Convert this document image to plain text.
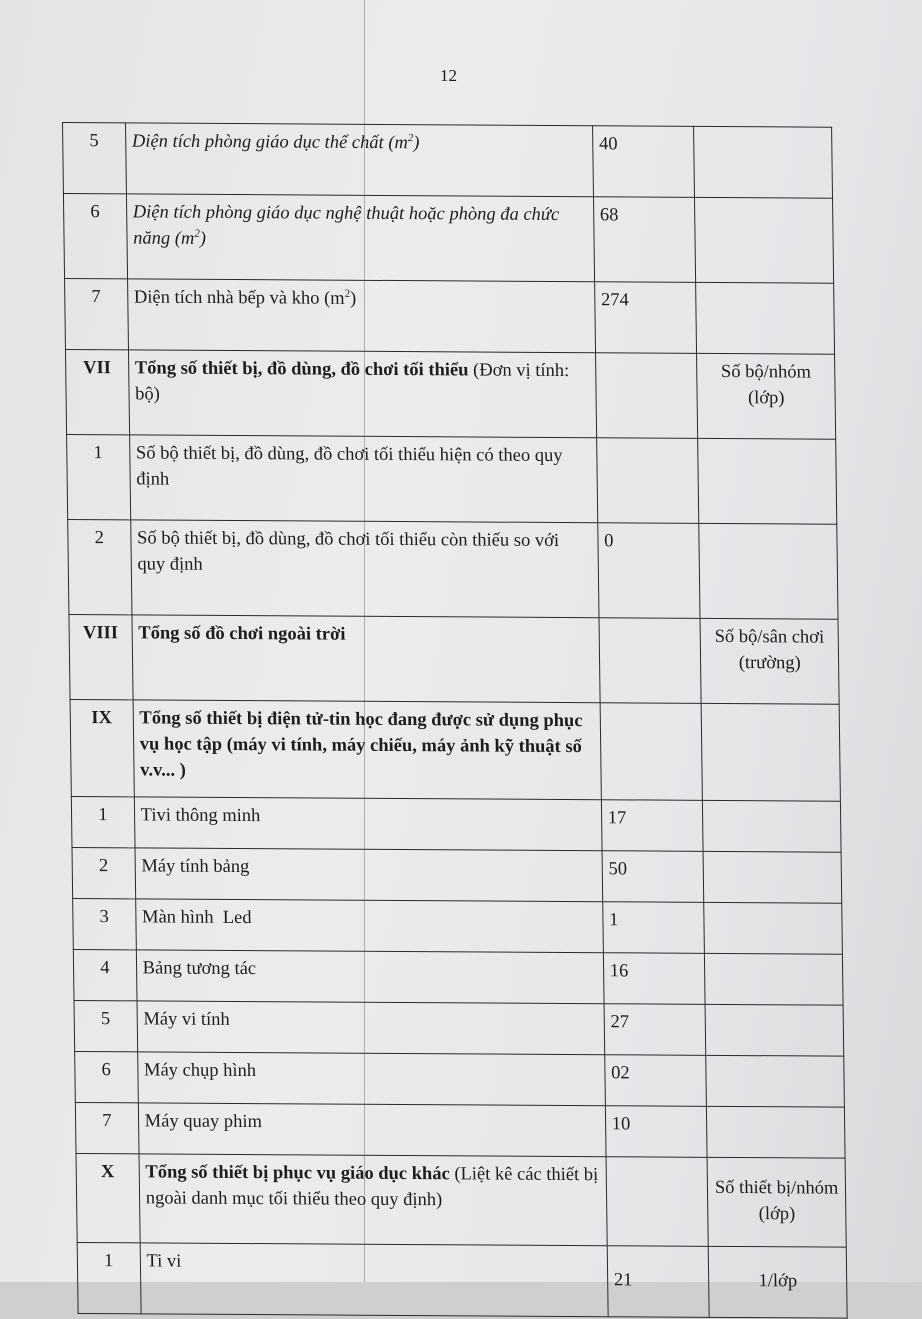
12
5	Diện tích phòng giáo dục thể chất $(m^2)$	40	
6	Diện tích phòng giáo dục nghệ thuật hoặc phòng đa chức năng $(m^2)$	68	
7	Diện tích nhà bếp và kho $(m^2)$	274	
VII	Tổng số thiết bị, đồ dùng, đồ chơi tối thiểu (Đơn vị tính: bộ)		Số bộ/nhóm (lớp)
1	Số bộ thiết bị, đồ dùng, đồ chơi tối thiểu hiện có theo quy định		
2	Số bộ thiết bị, đồ dùng, đồ chơi tối thiểu còn thiếu so với quy định	0	
VIII	Tổng số đồ chơi ngoài trời		Số bộ/sân chơi (trường)
IX	Tổng số thiết bị điện tử-tin học đang được sử dụng phục vụ học tập (máy vi tính, máy chiếu, máy ảnh kỹ thuật số v.v... )		
1	Tivi thông minh	17	
2	Máy tính bảng	50	
3	Màn hình  Led	1	
4	Bảng tương tác	16	
5	Máy vi tính	27	
6	Máy chụp hình	02	
7	Máy quay phim	10	
X	Tổng số thiết bị phục vụ giáo dục khác (Liệt kê các thiết bị ngoài danh mục tối thiểu theo quy định)		Số thiết bị/nhóm (lớp)
1	Ti vi	21	1/lớp
